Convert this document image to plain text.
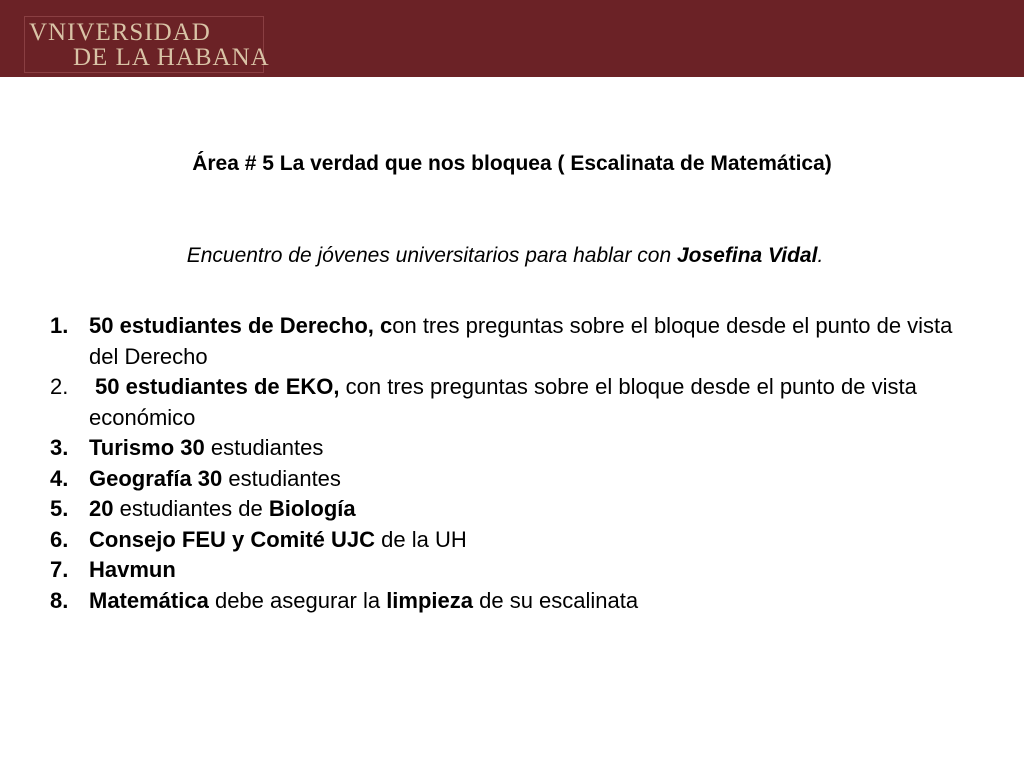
VNIVERSIDAD
DE LA HABANA
Área # 5 La verdad que nos bloquea ( Escalinata de Matemática)

Encuentro de jóvenes universitarios para hablar con Josefina Vidal.

1. 50 estudiantes de Derecho, con tres preguntas sobre el bloque desde el punto de vista del Derecho
2. 50 estudiantes de EKO, con tres preguntas sobre el bloque desde el punto de vista económico
3. Turismo 30 estudiantes
4. Geografía 30 estudiantes
5. 20 estudiantes de Biología
6. Consejo FEU y Comité UJC de la UH
7. Havmun
8. Matemática debe asegurar la limpieza de su escalinata
